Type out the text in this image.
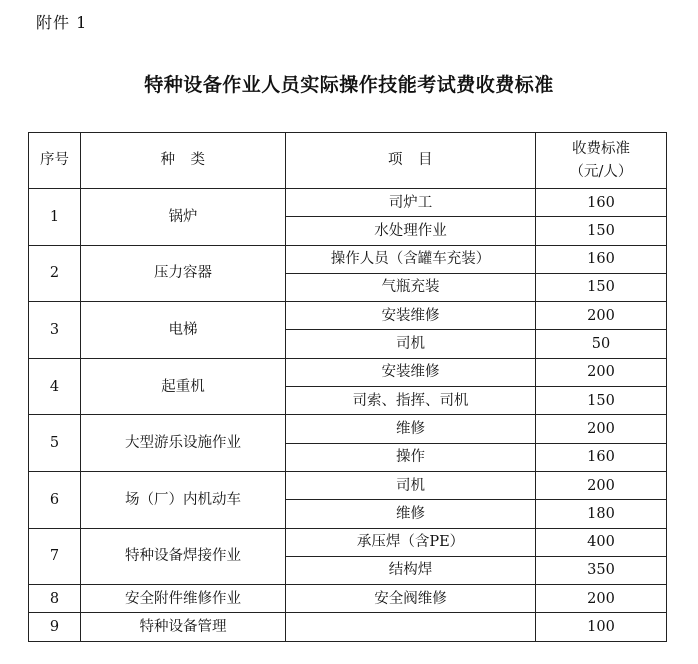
附件 1
特种设备作业人员实际操作技能考试费收费标准
序号	种　类	项　目	收费标准
（元/人）

1	锅炉	司炉工	160
		水处理作业	150
2	压力容器	操作人员（含罐车充装）	160
		气瓶充装	150
3	电梯	安装维修	200
		司机	50
4	起重机	安装维修	200
		司索、指挥、司机	150
5	大型游乐设施作业	维修	200
		操作	160
6	场（厂）内机动车	司机	200
		维修	180
7	特种设备焊接作业	承压焊（含PE）	400
		结构焊	350
8	安全附件维修作业	安全阀维修	200
9	特种设备管理		100
